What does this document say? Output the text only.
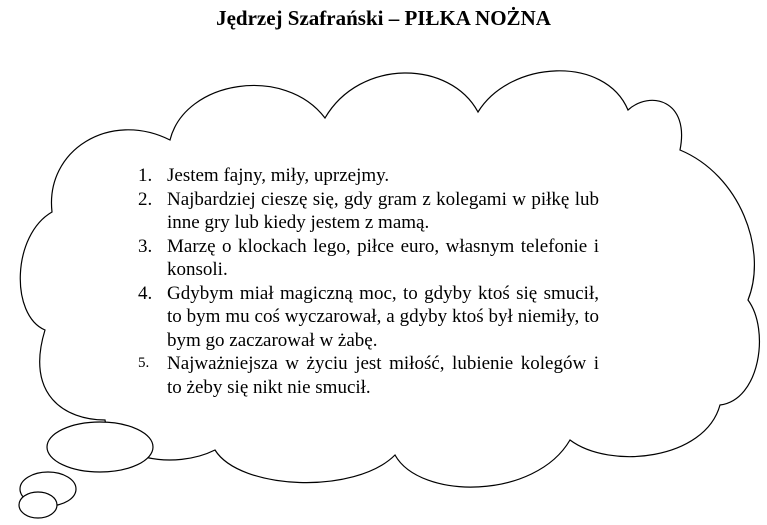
Jędrzej Szafrański – PIŁKA NOŻNA
1. Jestem fajny, miły, uprzejmy.
2. Najbardziej cieszę się, gdy gram z kolegami w piłkę lub inne gry lub kiedy jestem z mamą.
3. Marzę o klockach lego, piłce euro, własnym telefonie i konsoli.
4. Gdybym miał magiczną moc, to gdyby ktoś się smucił, to bym mu coś wyczarował, a gdyby ktoś był niemiły, to bym go zaczarował w żabę.
5. Najważniejsza w życiu jest miłość, lubienie kolegów i to żeby się nikt nie smucił.
